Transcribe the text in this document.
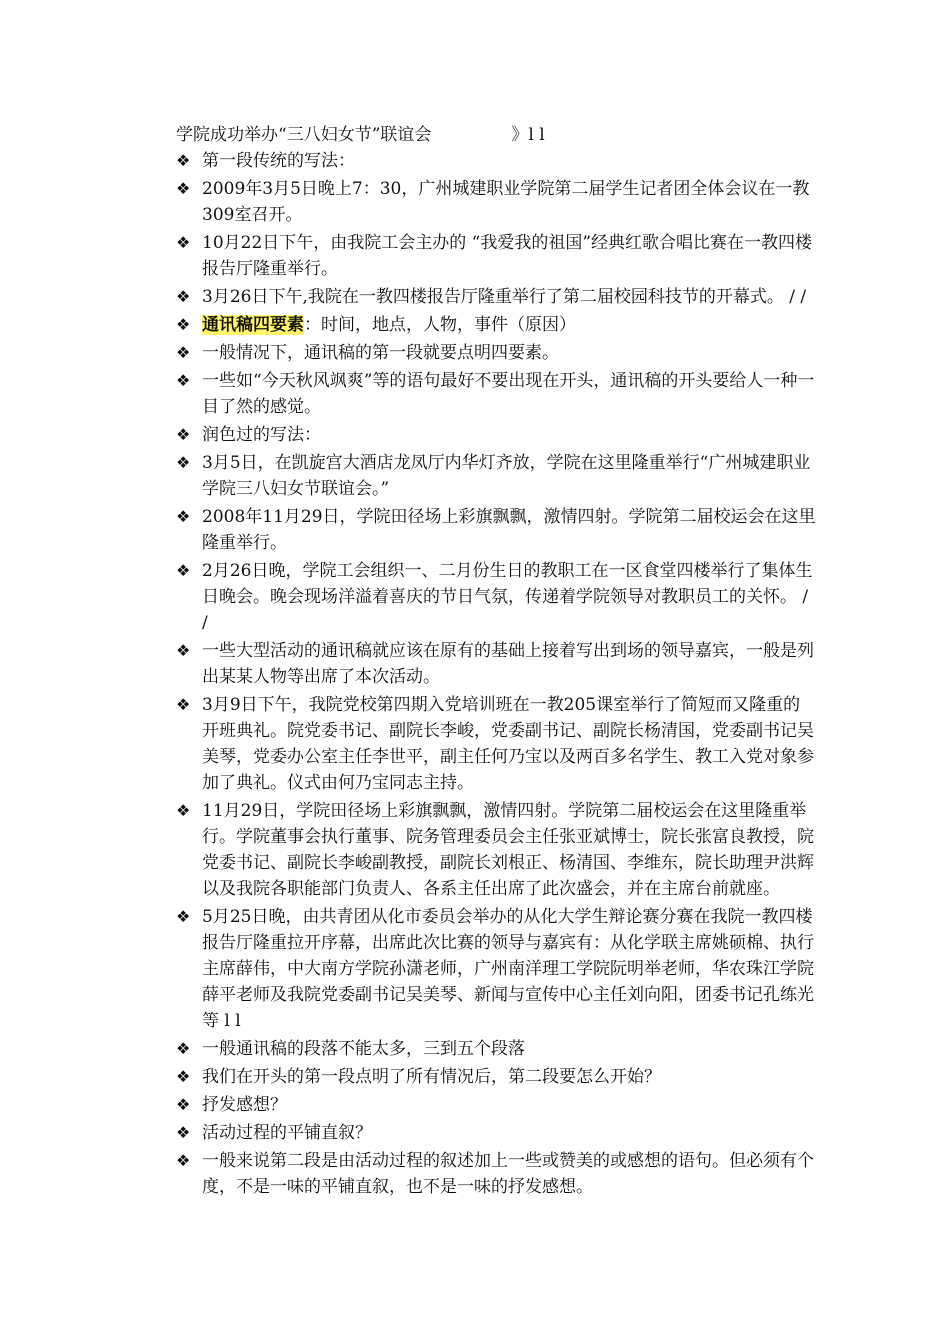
学院成功举办“三八妇女节”联谊会	》l l
❖ 第一段传统的写法：
❖ 2009年3月5日晚上7：30，广州城建职业学院第二届学生记者团全体会议在一教309室召开。
❖ 10月22日下午，由我院工会主办的 “我爱我的祖国”经典红歌合唱比赛在一教四楼报告厅隆重举行。
❖ 3月26日下午,我院在一教四楼报告厅隆重举行了第二届校园科技节的开幕式。 / /
❖ 通讯稿四要素：时间，地点，人物，事件（原因）
❖ 一般情况下，通讯稿的第一段就要点明四要素。
❖ 一些如“今天秋风飒爽”等的语句最好不要出现在开头，通讯稿的开头要给人一种一目了然的感觉。
❖ 润色过的写法：
❖ 3月5日，在凯旋宫大酒店龙凤厅内华灯齐放，学院在这里隆重举行“广州城建职业学院三八妇女节联谊会。”
❖ 2008年11月29日，学院田径场上彩旗飘飘，激情四射。学院第二届校运会在这里隆重举行。
❖ 2月26日晚，学院工会组织一、二月份生日的教职工在一区食堂四楼举行了集体生日晚会。晚会现场洋溢着喜庆的节日气氛，传递着学院领导对教职员工的关怀。 / /
❖ 一些大型活动的通讯稿就应该在原有的基础上接着写出到场的领导嘉宾，一般是列出某某人物等出席了本次活动。
❖ 3月9日下午，我院党校第四期入党培训班在一教205课室举行了简短而又隆重的开班典礼。院党委书记、副院长李峻，党委副书记、副院长杨清国，党委副书记吴美琴，党委办公室主任李世平，副主任何乃宝以及两百多名学生、教工入党对象参加了典礼。仪式由何乃宝同志主持。
❖ 11月29日，学院田径场上彩旗飘飘，激情四射。学院第二届校运会在这里隆重举行。学院董事会执行董事、院务管理委员会主任张亚斌博士，院长张富良教授，院党委书记、副院长李峻副教授，副院长刘根正、杨清国、李维东，院长助理尹洪辉以及我院各职能部门负责人、各系主任出席了此次盛会，并在主席台前就座。
❖ 5月25日晚，由共青团从化市委员会举办的从化大学生辩论赛分赛在我院一教四楼报告厅隆重拉开序幕，出席此次比赛的领导与嘉宾有：从化学联主席姚硕棉、执行主席薛伟，中大南方学院孙潇老师，广州南洋理工学院阮明举老师，华农珠江学院薛平老师及我院党委副书记吴美琴、新闻与宣传中心主任刘向阳，团委书记孔练光等 l l
❖ 一般通讯稿的段落不能太多，三到五个段落
❖ 我们在开头的第一段点明了所有情况后，第二段要怎么开始？
❖ 抒发感想？
❖ 活动过程的平铺直叙？
❖ 一般来说第二段是由活动过程的叙述加上一些或赞美的或感想的语句。但必须有个度，不是一味的平铺直叙，也不是一味的抒发感想。
